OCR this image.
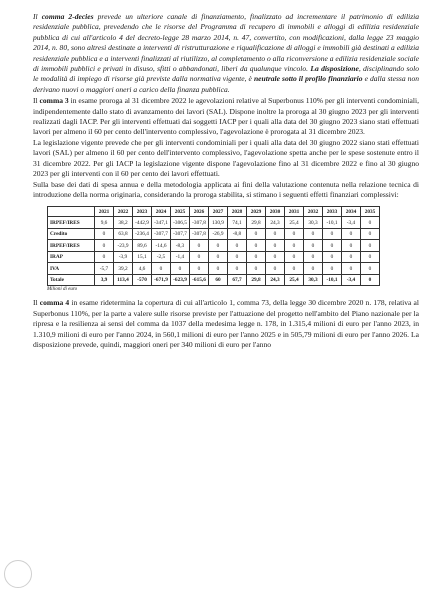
Il comma 2-decies prevede un ulteriore canale di finanziamento, finalizzato ad incrementare il patrimonio di edilizia residenziale pubblica, prevedendo che le risorse del Programma di recupero di immobili e alloggi di edilizia residenziale pubblica di cui all'articolo 4 del decreto-legge 28 marzo 2014, n. 47, convertito, con modificazioni, dalla legge 23 maggio 2014, n. 80, sono altresì destinate a interventi di ristrutturazione e riqualificazione di alloggi e immobili già destinati a edilizia residenziale pubblica e a interventi finalizzati al riutilizzo, al completamento o alla riconversione a edilizia residenziale sociale di immobili pubblici e privati in disuso, sfitti o abbandonati, liberi da qualunque vincolo. La disposizione, disciplinando solo le modalità di impiego di risorse già previste dalla normativa vigente, è neutrale sotto il profilo finanziario e dalla stessa non derivano nuovi o maggiori oneri a carico della finanza pubblica.

Il comma 3 in esame proroga al 31 dicembre 2022 le agevolazioni relative al Superbonus 110% per gli interventi condominiali, indipendentemente dallo stato di avanzamento dei lavori (SAL). Dispone inoltre la proroga al 30 giugno 2023 per gli interventi realizzati dagli IACP. Per gli interventi effettuati dai soggetti IACP per i quali alla data del 30 giugno 2023 siano stati effettuati lavori per almeno il 60 per cento dell'intervento complessivo, l'agevolazione è prorogata al 31 dicembre 2023.

La legislazione vigente prevede che per gli interventi condominiali per i quali alla data del 30 giugno 2022 siano stati effettuati lavori (SAL) per almeno il 60 per cento dell'intervento complessivo, l'agevolazione spetta anche per le spese sostenute entro il 31 dicembre 2022. Per gli IACP la legislazione vigente dispone l'agevolazione fino al 31 dicembre 2022 e fino al 30 giugno 2023 per gli interventi con il 60 per cento dei lavori effettuati.

Sulla base dei dati di spesa annua e della metodologia applicata ai fini della valutazione contenuta nella relazione tecnica di introduzione della norma originaria, considerando la proroga stabilita, si stimano i seguenti effetti finanziari complessivi:

	2021	2022	2023	2024	2025	2026	2027	2028	2029	2030	2031	2032	2033	2034	2035
IRPEF/IRES	9,6	38,2	-442,9	-347,1	-306,5	-307,8	130,9	74,1	29,8	24,3	25,4	30,3	-10,1	-3,4	0
Credito	0	63,8	-236,4	-307,7	-307,7	-307,8	-26,9	-8,8	0	0	0	0	0	0	0
IRPEF/IRES	0	-23,9	89,6	-14,6	-8,3	0	0	0	0	0	0	0	0	0	0
IRAP	0	-3,9	15,1	-2,5	-1,4	0	0	0	0	0	0	0	0	0	0
IVA	-5,7	39,2	4,6	0	0	0	0	0	0	0	0	0	0	0	0
Totale	3,9	113,4	-570	-671,9	-623,9	-615,6	60	67,7	29,8	24,3	25,4	30,3	-10,1	-3,4	0
Milioni di euro

Il comma 4 in esame ridetermina la copertura di cui all'articolo 1, comma 73, della legge 30 dicembre 2020 n. 178, relativa al Superbonus 110%, per la parte a valere sulle risorse previste per l'attuazione del progetto nell'ambito del Piano nazionale per la ripresa e la resilienza ai sensi del comma da 1037 della medesima legge n. 178, in 1.315,4 milioni di euro per l'anno 2023, in 1.310,9 milioni di euro per l'anno 2024, in 560,1 milioni di euro per l'anno 2025 e in 505,79 milioni di euro per l'anno 2026. La disposizione prevede, quindi, maggiori oneri per 340 milioni di euro per l'anno
